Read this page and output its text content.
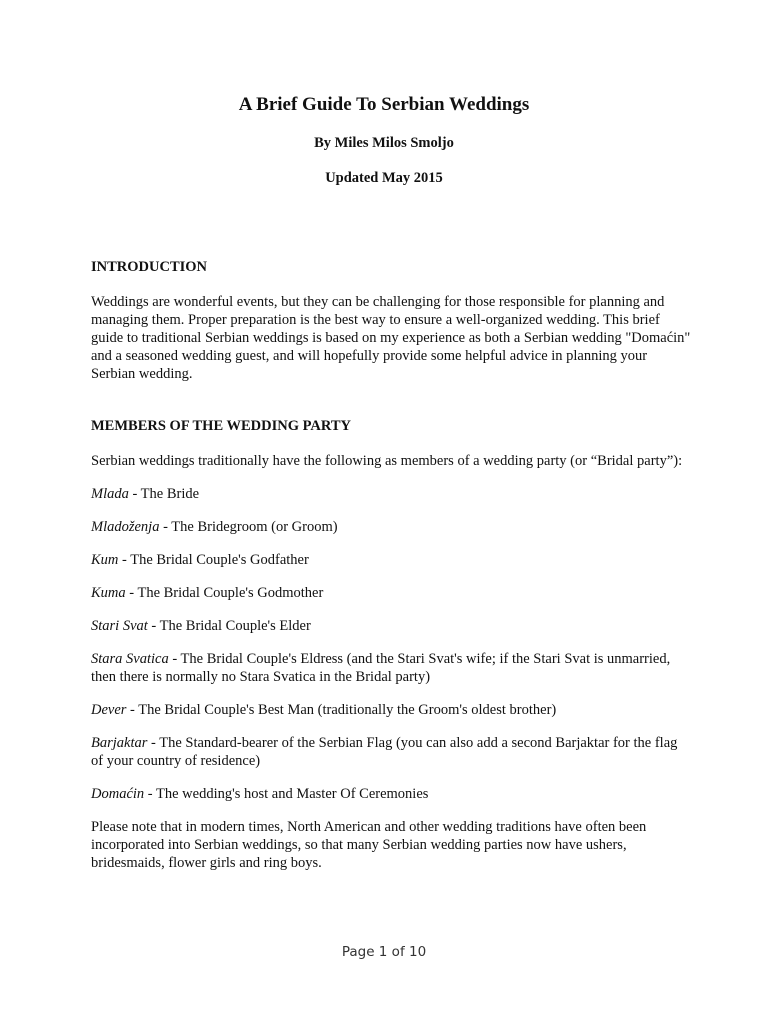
A Brief Guide To Serbian Weddings
By Miles Milos Smoljo
Updated May 2015
INTRODUCTION

Weddings are wonderful events, but they can be challenging for those responsible for planning and managing them. Proper preparation is the best way to ensure a well-organized wedding. This brief guide to traditional Serbian weddings is based on my experience as both a Serbian wedding "Domaćin" and a seasoned wedding guest, and will hopefully provide some helpful advice in planning your Serbian wedding.

MEMBERS OF THE WEDDING PARTY

Serbian weddings traditionally have the following as members of a wedding party (or “Bridal party”):

Mlada - The Bride

Mladoženja - The Bridegroom (or Groom)

Kum - The Bridal Couple's Godfather

Kuma - The Bridal Couple's Godmother

Stari Svat - The Bridal Couple's Elder

Stara Svatica - The Bridal Couple's Eldress (and the Stari Svat's wife; if the Stari Svat is unmarried, then there is normally no Stara Svatica in the Bridal party)

Dever - The Bridal Couple's Best Man (traditionally the Groom's oldest brother)

Barjaktar - The Standard-bearer of the Serbian Flag (you can also add a second Barjaktar for the flag of your country of residence)

Domaćin - The wedding's host and Master Of Ceremonies

Please note that in modern times, North American and other wedding traditions have often been incorporated into Serbian weddings, so that many Serbian wedding parties now have ushers, bridesmaids, flower girls and ring boys.

Page 1 of 10
